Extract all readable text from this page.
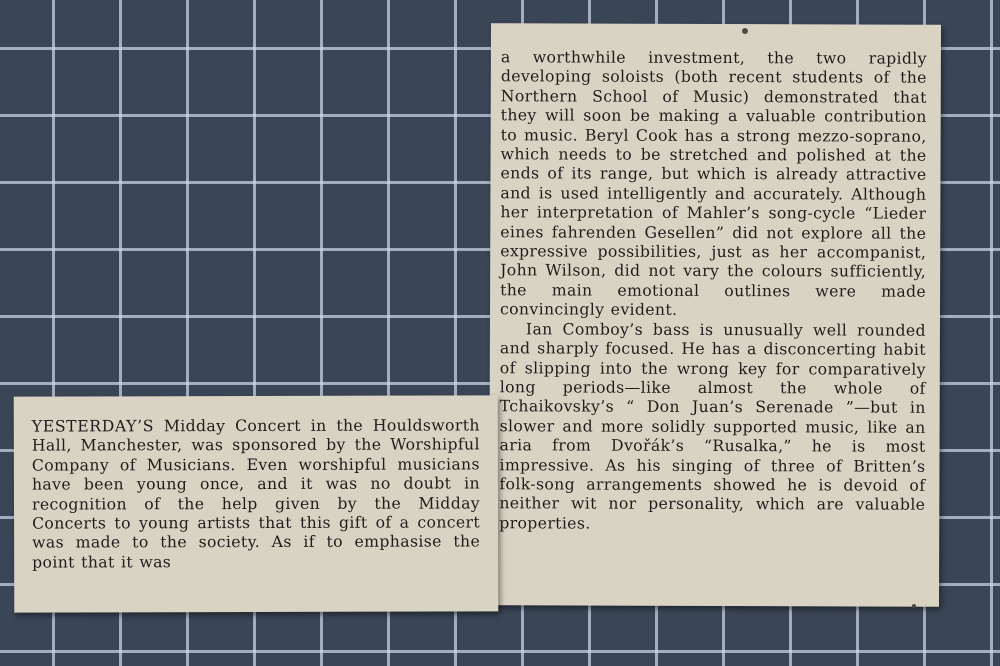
a worthwhile investment, the two rapidly developing soloists (both recent students of the Northern School of Music) demonstrated that they will soon be making a valuable contribution to music. Beryl Cook has a strong mezzo-soprano, which needs to be stretched and polished at the ends of its range, but which is already attractive and is used intelligently and accurately. Although her interpretation of Mahler’s song-cycle “Lieder eines fahrenden Gesellen” did not explore all the expressive possibilities, just as her accompanist, John Wilson, did not vary the colours sufficiently, the main emotional outlines were made convincingly evident.

Ian Comboy’s bass is unusually well rounded and sharply focused. He has a disconcerting habit of slipping into the wrong key for comparatively long periods—like almost the whole of Tchaikovsky’s “ Don Juan’s Serenade ”—but in slower and more solidly supported music, like an aria from Dvořák’s “Rusalka,” he is most impressive. As his singing of three of Britten’s folk-song arrangements showed he is devoid of neither wit nor personality, which are valuable properties.

YESTERDAY’S Midday Concert in the Houldsworth Hall, Manchester, was sponsored by the Worshipful Company of Musicians. Even worshipful musicians have been young once, and it was no doubt in recognition of the help given by the Midday Concerts to young artists that this gift of a concert was made to the society. As if to emphasise the point that it was
